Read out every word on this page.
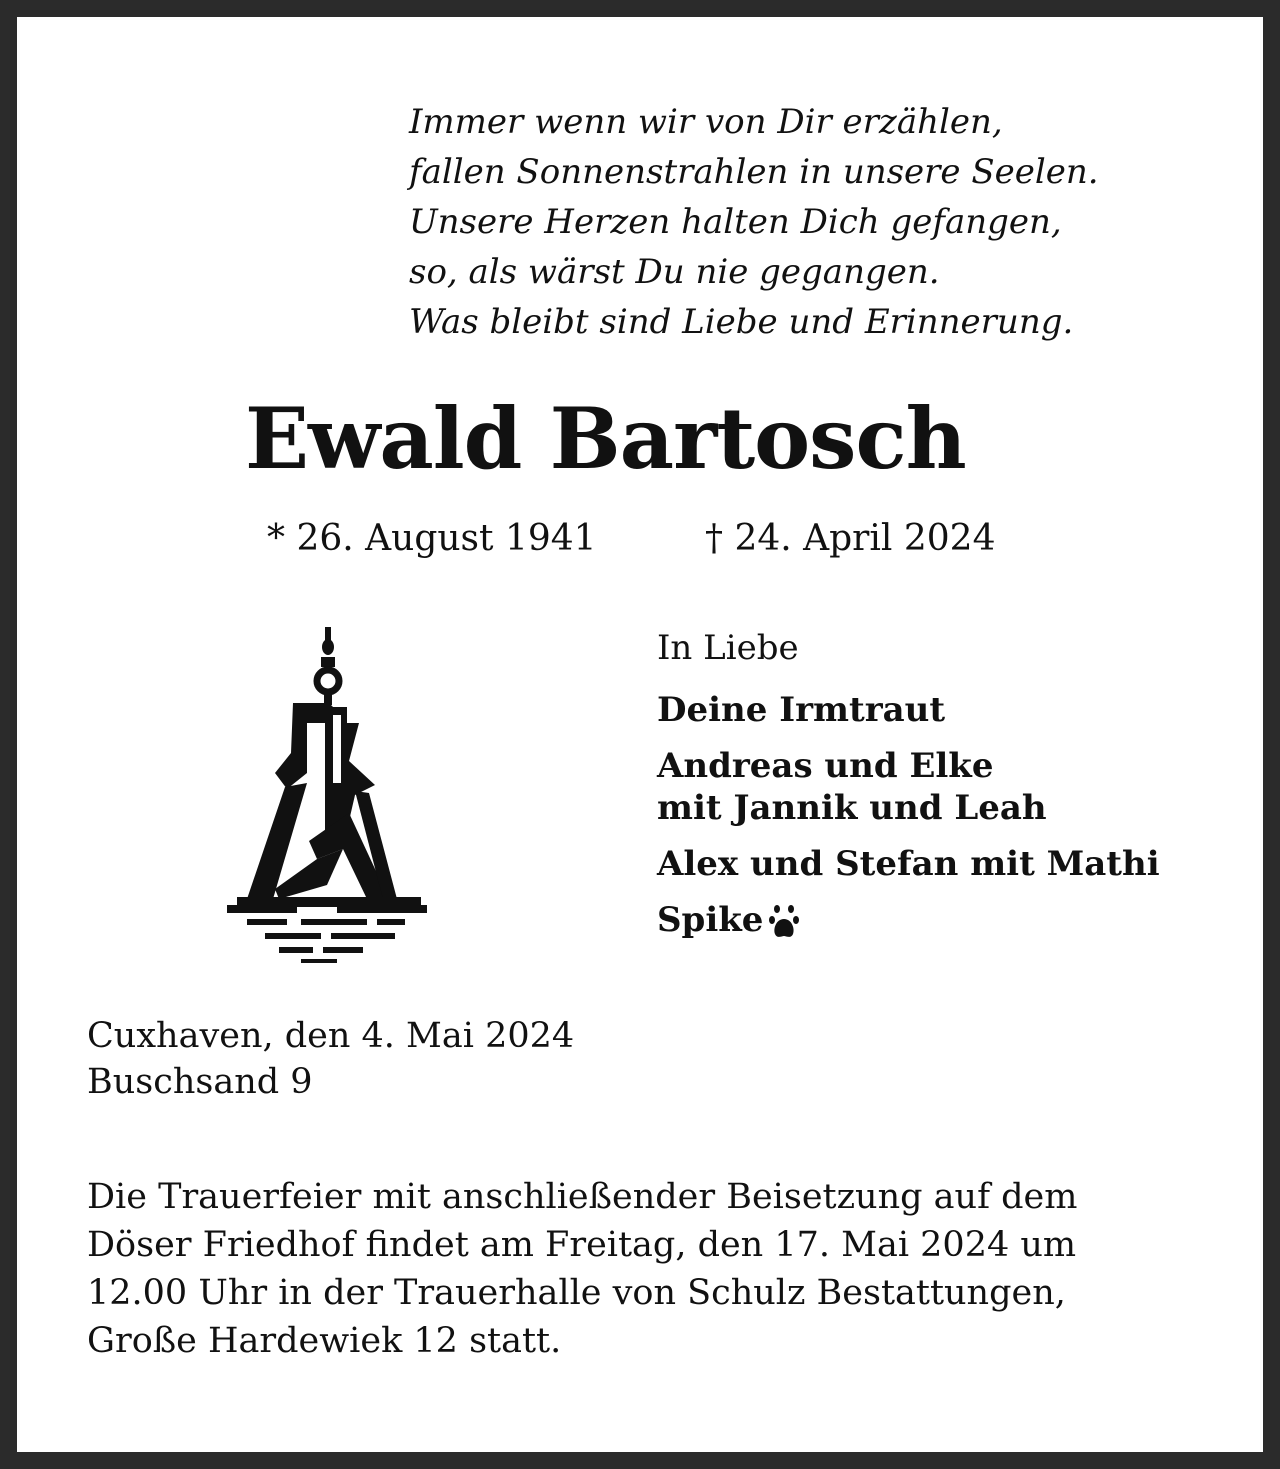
Immer wenn wir von Dir erzählen,
fallen Sonnenstrahlen in unsere Seelen.
Unsere Herzen halten Dich gefangen,
so, als wärst Du nie gegangen.
Was bleibt sind Liebe und Erinnerung.
Ewald Bartosch
* 26. August 1941	† 24. April 2024
In Liebe
Deine Irmtraut
Andreas und Elke
mit Jannik und Leah
Alex und Stefan mit Mathi
Spike
Cuxhaven, den 4. Mai 2024
Buschsand 9
Die Trauerfeier mit anschließender Beisetzung auf dem
Döser Friedhof findet am Freitag, den 17. Mai 2024 um
12.00 Uhr in der Trauerhalle von Schulz Bestattungen,
Große Hardewiek 12 statt.
